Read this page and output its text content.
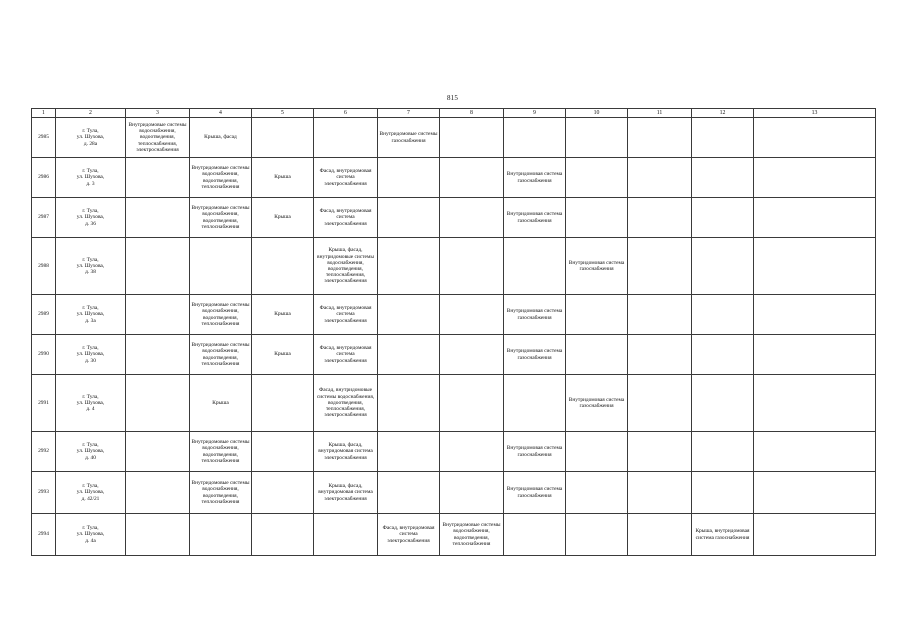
815
1	2	3	4	5	6	7	8	9	10	11	12	13	
2985	г. Тула,
ул. Шухова,
д. 28а	Внутридомовые системы водоснабжения, водоотведения, теплоснабжения, электроснабжения	Крыша, фасад			Внутридомовые системы газоснабжения							
2986	г. Тула,
ул. Шухова,
д. 3		Внутридомовые системы водоснабжения, водоотведения, теплоснабжения	Крыша	Фасад, внутридомовая система электроснабжения			Внутридомовая система газоснабжения					
2987	г. Тула,
ул. Шухова,
д. 36		Внутридомовые системы водоснабжения, водоотведения, теплоснабжения	Крыша	Фасад, внутридомовая система электроснабжения			Внутридомовая система газоснабжения					
2988	г. Тула,
ул. Шухова,
д. 38				Крыша, фасад, внутридомовые системы водоснабжения, водоотведения, теплоснабжения, электроснабжения				Внутридомовая система газоснабжения				
2989	г. Тула,
ул. Шухова,
д. 3а		Внутридомовые системы водоснабжения, водоотведения, теплоснабжения	Крыша	Фасад, внутридомовая система электроснабжения			Внутридомовая система газоснабжения					
2990	г. Тула,
ул. Шухова,
д. 30		Внутридомовые системы водоснабжения, водоотведения, теплоснабжения	Крыша	Фасад, внутридомовая система электроснабжения			Внутридомовая система газоснабжения					
2991	г. Тула,
ул. Шухова,
д. 4		Крыша		Фасад, внутридомовые системы водоснабжения, водоотведения, теплоснабжения, электроснабжения				Внутридомовая система газоснабжения				
2992	г. Тула,
ул. Шухова,
д. 40		Внутридомовые системы водоснабжения, водоотведения, теплоснабжения		Крыша, фасад, внутридомовая система электроснабжения			Внутридомовая система газоснабжения					
2993	г. Тула,
ул. Шухова,
д. 42/21		Внутридомовые системы водоснабжения, водоотведения, теплоснабжения		Крыша, фасад, внутридомовая система электроснабжения			Внутридомовая система газоснабжения					
2994	г. Тула,
ул. Шухова,
д. 4а					Фасад, внутридомовая система электроснабжения	Внутридомовые системы водоснабжения, водоотведения, теплоснабжения				Крыша, внутридомовая система газоснабжения		
